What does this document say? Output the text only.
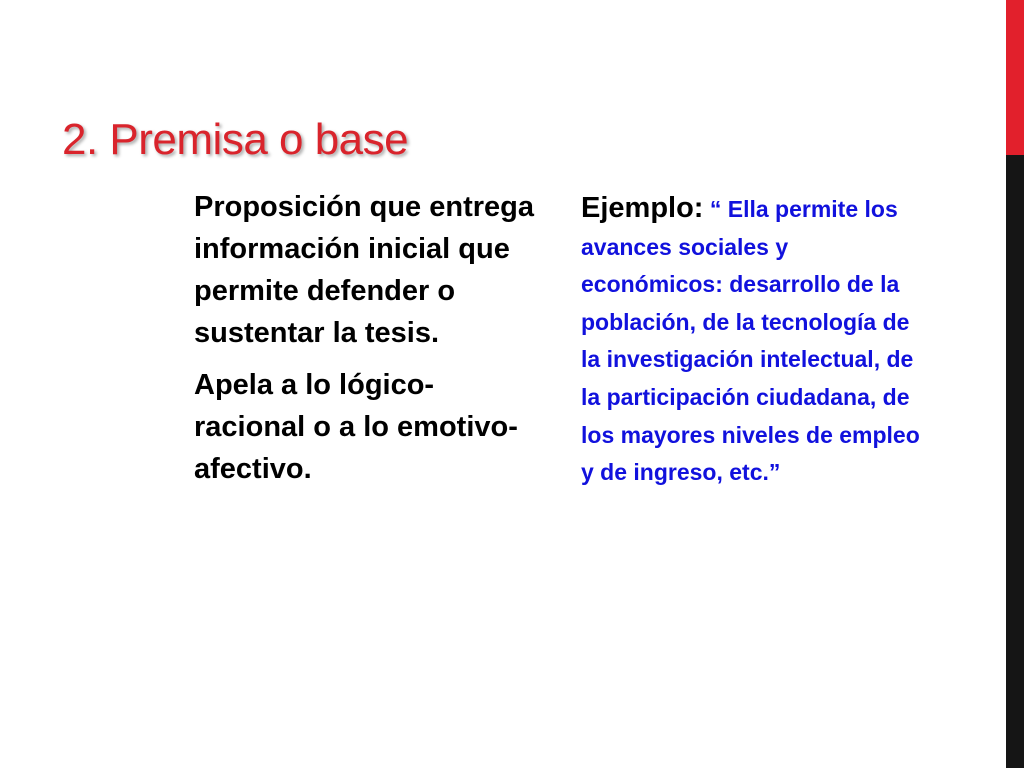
2. Premisa o base

Proposición que entrega información inicial que permite defender o sustentar la tesis.

Apela a lo lógico-racional o a lo emotivo-afectivo.

Ejemplo: “ Ella permite los avances sociales y económicos: desarrollo de la población, de la tecnología de la investigación intelectual, de la participación ciudadana, de los mayores niveles de empleo y de ingreso, etc.”
